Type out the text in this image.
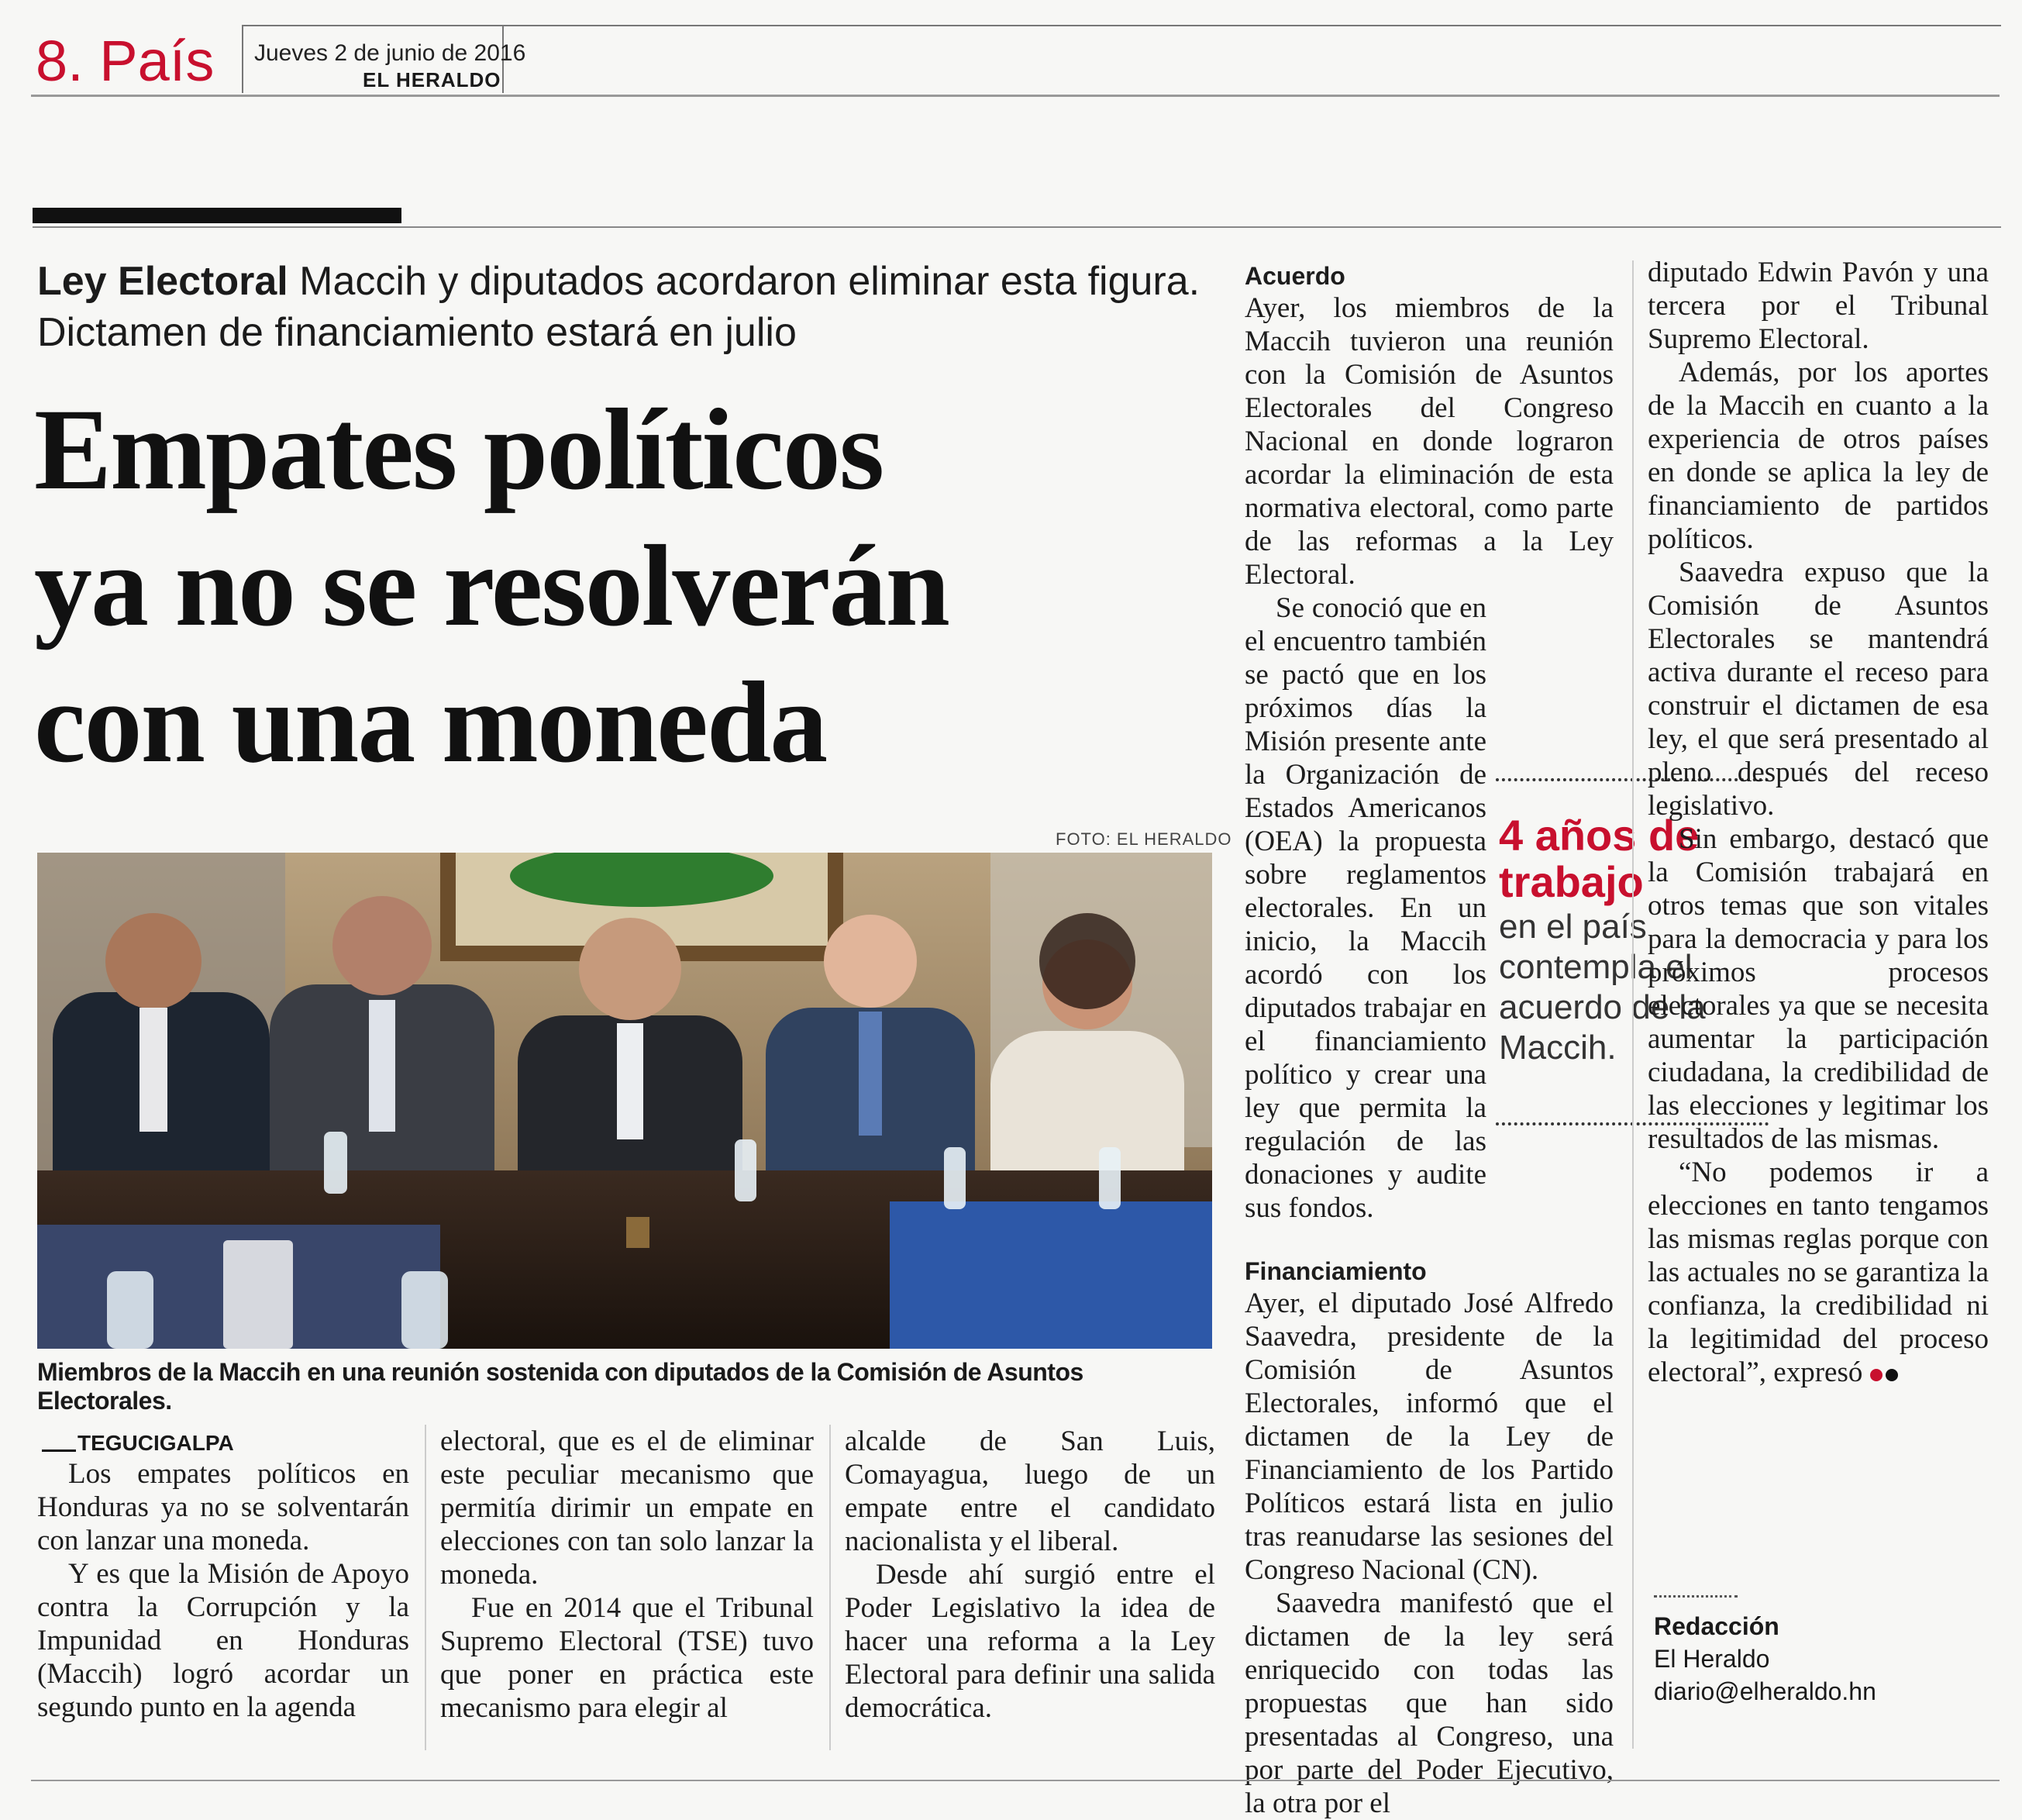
8. País Jueves 2 de junio de 2016
EL HERALDO
Ley Electoral Maccih y diputados acordaron eliminar esta figura. Dictamen de financiamiento estará en julio
Empates políticos
ya no se resolverán
con una moneda
FOTO: EL HERALDO
Miembros de la Maccih en una reunión sostenida con diputados de la Comisión de Asuntos Electorales.
TEGUCIGALPA

Los empates políticos en Honduras ya no se solventarán con lanzar una moneda.

Y es que la Misión de Apoyo contra la Corrupción y la Impunidad en Honduras (Maccih) logró acordar un segundo punto en la agenda

electoral, que es el de eliminar este peculiar mecanismo que permitía dirimir un empate en elecciones con tan solo lanzar la moneda.

Fue en 2014 que el Tribunal Supremo Electoral (TSE) tuvo que poner en práctica este mecanismo para elegir al

alcalde de San Luis, Comayagua, luego de un empate entre el candidato nacionalista y el liberal.

Desde ahí surgió entre el Poder Legislativo la idea de hacer una reforma a la Ley Electoral para definir una salida democrática.

Acuerdo

Ayer, los miembros de la Maccih tuvieron una reunión con la Comisión de Asuntos Electorales del Congreso Nacional en donde lograron acordar la eliminación de esta normativa electoral, como parte de las reformas a la Ley Electoral.

Se conoció que en el encuentro también se pactó que en los próximos días la Misión presente ante la Organización de Estados Americanos (OEA) la propuesta sobre reglamentos electorales. En un inicio, la Maccih acordó con los diputados trabajar en el financiamiento político y crear una ley que permita la regulación de las donaciones y audite sus fondos.

Financiamiento

Ayer, el diputado José Alfredo Saavedra, presidente de la Comisión de Asuntos Electorales, informó que el dictamen de la Ley de Financiamiento de los Partido Políticos estará lista en julio tras reanudarse las sesiones del Congreso Nacional (CN).

Saavedra manifestó que el dictamen de la ley será enriquecido con todas las propuestas que han sido presentadas al Congreso, una por parte del Poder Ejecutivo, la otra por el

4 años de trabajo
en el país contempla el acuerdo de la Maccih.

diputado Edwin Pavón y una tercera por el Tribunal Supremo Electoral.

Además, por los aportes de la Maccih en cuanto a la experiencia de otros países en donde se aplica la ley de financiamiento de partidos políticos.

Saavedra expuso que la Comisión de Asuntos Electorales se mantendrá activa durante el receso para construir el dictamen de esa ley, el que será presentado al pleno después del receso legislativo.

Sin embargo, destacó que la Comisión trabajará en otros temas que son vitales para la democracia y para los próximos procesos electorales ya que se necesita aumentar la participación ciudadana, la credibilidad de las elecciones y legitimar los resultados de las mismas.

“No podemos ir a elecciones en tanto tengamos las mismas reglas porque con las actuales no se garantiza la confianza, la credibilidad ni la legitimidad del proceso electoral”, expresó

Redacción
El Heraldo
diario@elheraldo.hn
